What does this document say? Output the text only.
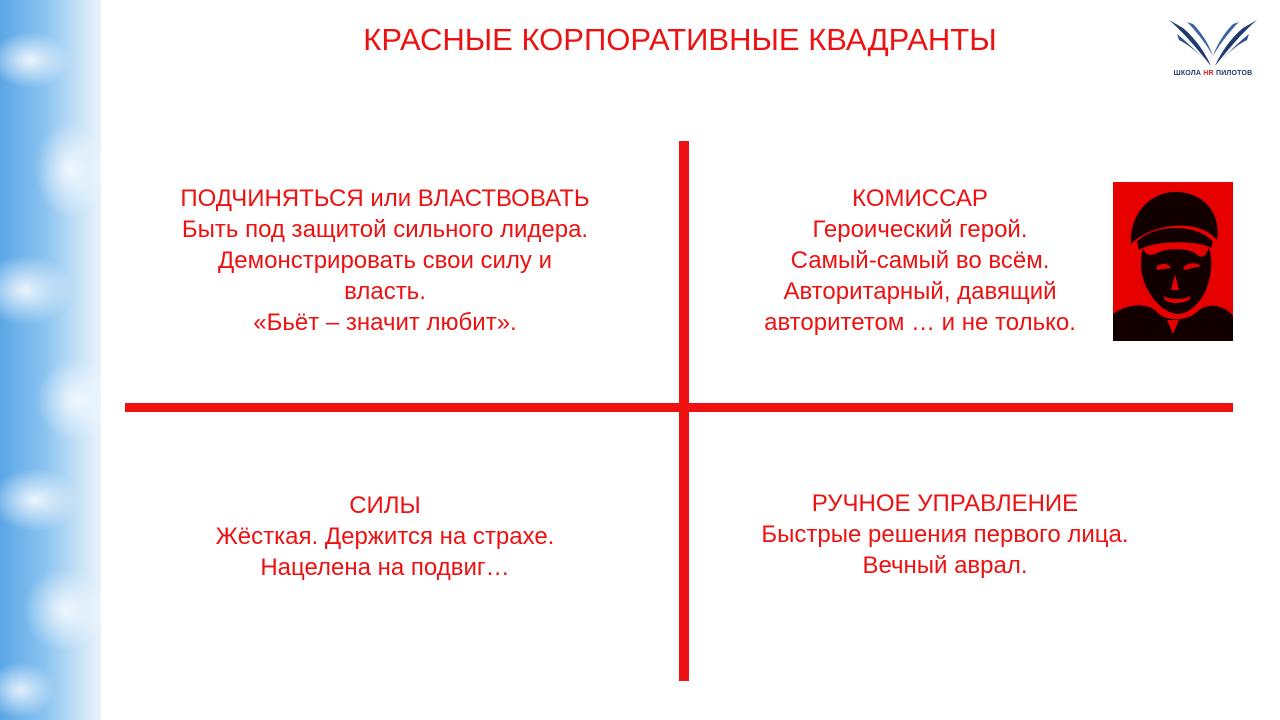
КРАСНЫЕ КОРПОРАТИВНЫЕ КВАДРАНТЫ
ШКОЛА HR ПИЛОТОВ
ПОДЧИНЯТЬСЯ или ВЛАСТВОВАТЬ
Быть под защитой сильного лидера.
Демонстрировать свои силу и
власть.
«Бьёт – значит любит».
КОМИССАР
Героический герой.
Самый-самый во всём.
Авторитарный, давящий
авторитетом … и не только.
СИЛЫ
Жёсткая. Держится на страхе.
Нацелена на подвиг…
РУЧНОЕ УПРАВЛЕНИЕ
Быстрые решения первого лица.
Вечный аврал.
